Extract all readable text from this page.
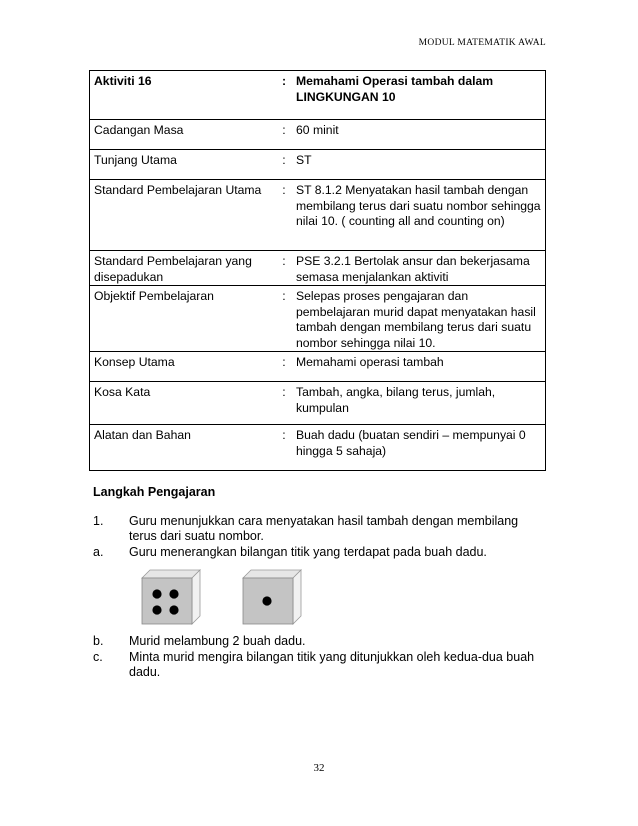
MODUL MATEMATIK AWAL
Aktiviti 16	:	Memahami Operasi tambah dalam LINGKUNGAN 10
Cadangan Masa	:	60 minit
Tunjang Utama	:	ST
Standard Pembelajaran Utama	:	ST 8.1.2 Menyatakan hasil tambah dengan membilang terus dari suatu nombor sehingga nilai 10. ( counting all and counting on)
Standard Pembelajaran yang disepadukan	:	PSE 3.2.1 Bertolak ansur dan bekerjasama semasa menjalankan aktiviti
Objektif Pembelajaran	:	Selepas proses pengajaran dan pembelajaran murid dapat menyatakan hasil tambah dengan membilang terus dari suatu nombor sehingga nilai 10.
Konsep Utama	:	Memahami operasi tambah
Kosa Kata	:	Tambah, angka, bilang terus, jumlah, kumpulan
Alatan dan Bahan	:	Buah dadu (buatan sendiri – mempunyai 0 hingga 5 sahaja)
Langkah Pengajaran
1. Guru menunjukkan cara menyatakan hasil tambah dengan membilang terus dari suatu nombor.
a. Guru menerangkan bilangan titik yang terdapat pada buah dadu.
b. Murid melambung 2 buah dadu.
c. Minta murid mengira bilangan titik yang ditunjukkan oleh kedua-dua buah dadu.
32
